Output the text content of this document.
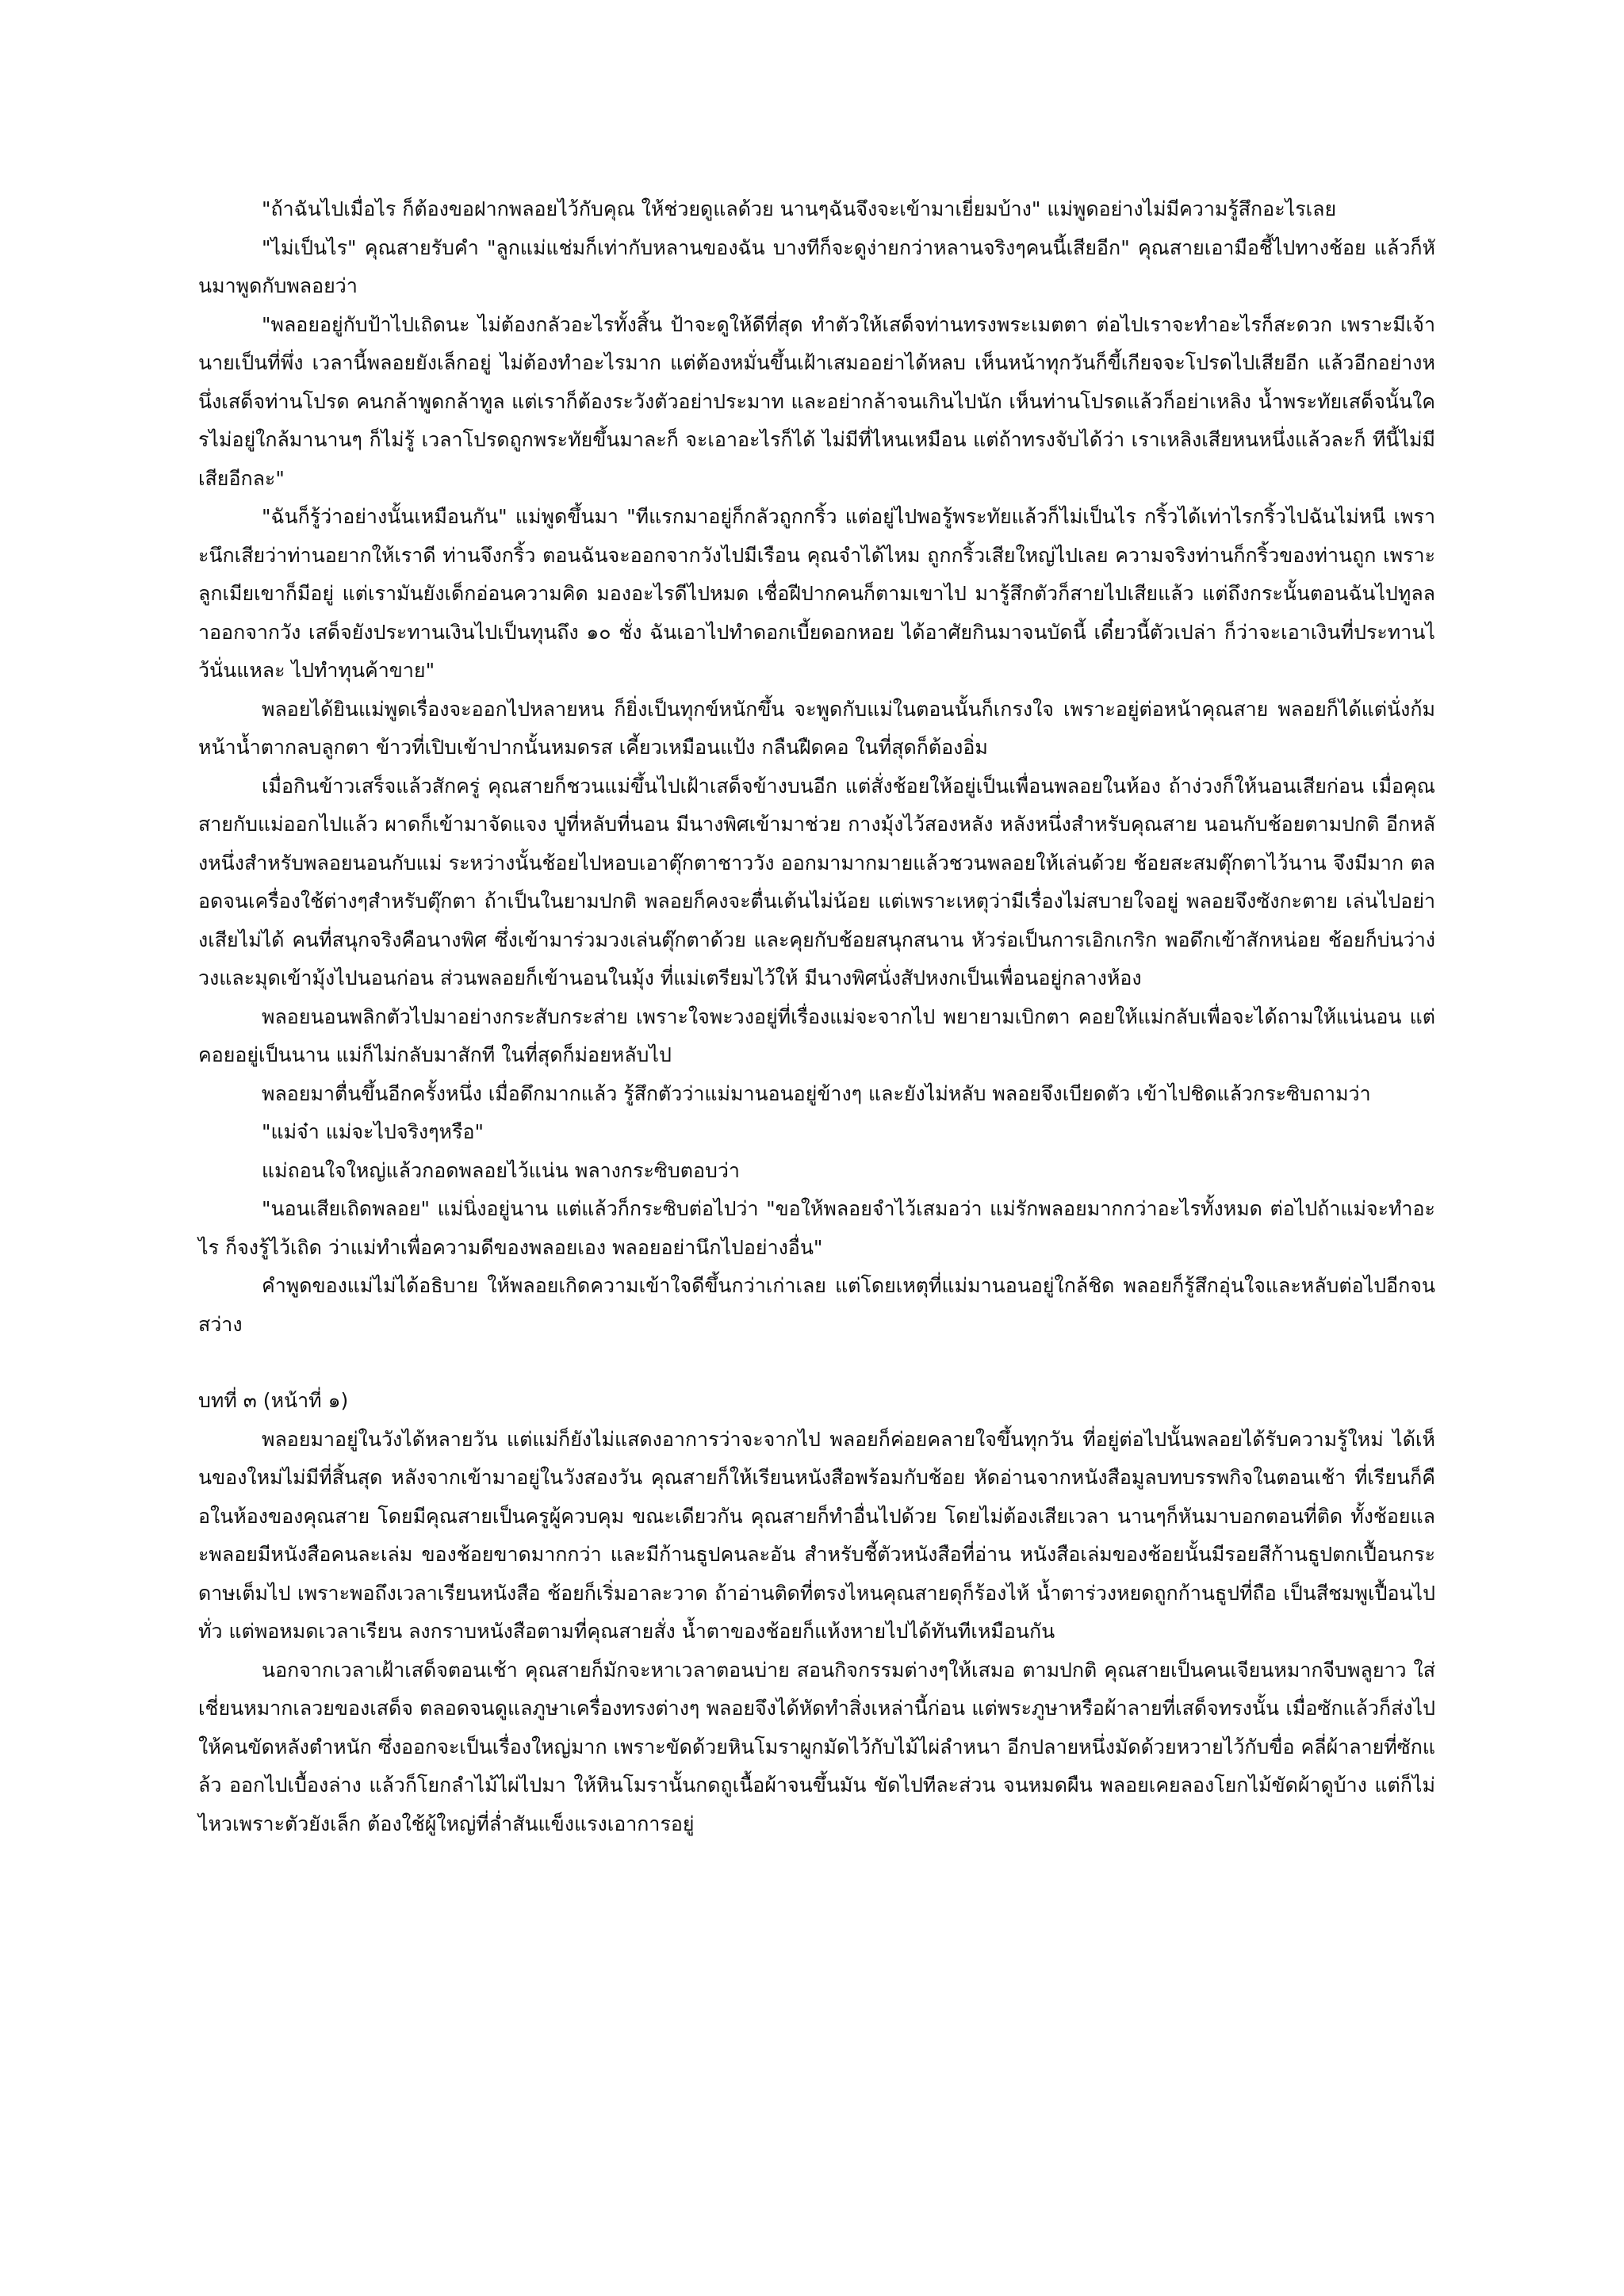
"ถ้าฉันไปเมื่อไร ก็ต้องขอฝากพลอยไว้กับคุณ ให้ช่วยดูแลด้วย นานๆฉันจึงจะเข้ามาเยี่ยมบ้าง" แม่พูดอย่างไม่มีความรู้สึกอะไรเลย

"ไม่เป็นไร" คุณสายรับคำ "ลูกแม่แช่มก็เท่ากับหลานของฉัน บางทีก็จะดูง่ายกว่าหลานจริงๆคนนี้เสียอีก" คุณสายเอามือชี้ไปทางช้อย แล้วก็หันมาพูดกับพลอยว่า

"พลอยอยู่กับป้าไปเถิดนะ ไม่ต้องกลัวอะไรทั้งสิ้น ป้าจะดูให้ดีที่สุด ทำตัวให้เสด็จท่านทรงพระเมตตา ต่อไปเราจะทำอะไรก็สะดวก เพราะมีเจ้านายเป็นที่พึ่ง เวลานี้พลอยยังเล็กอยู่ ไม่ต้องทำอะไรมาก แต่ต้องหมั่นขึ้นเฝ้าเสมออย่าได้หลบ เห็นหน้าทุกวันก็ขี้เกียจจะโปรดไปเสียอีก แล้วอีกอย่างหนึ่งเสด็จท่านโปรด คนกล้าพูดกล้าทูล แต่เราก็ต้องระวังตัวอย่าประมาท และอย่ากล้าจนเกินไปนัก เห็นท่านโปรดแล้วก็อย่าเหลิง น้ำพระทัยเสด็จนั้นใครไม่อยู่ใกล้มานานๆ ก็ไม่รู้ เวลาโปรดถูกพระทัยขึ้นมาละก็ จะเอาอะไรก็ได้ ไม่มีที่ไหนเหมือน แต่ถ้าทรงจับได้ว่า เราเหลิงเสียหนหนึ่งแล้วละก็ ทีนี้ไม่มีเสียอีกละ"

"ฉันก็รู้ว่าอย่างนั้นเหมือนกัน" แม่พูดขึ้นมา "ทีแรกมาอยู่ก็กลัวถูกกริ้ว แต่อยู่ไปพอรู้พระทัยแล้วก็ไม่เป็นไร กริ้วได้เท่าไรกริ้วไปฉันไม่หนี เพราะนึกเสียว่าท่านอยากให้เราดี ท่านจึงกริ้ว ตอนฉันจะออกจากวังไปมีเรือน คุณจำได้ไหม ถูกกริ้วเสียใหญ่ไปเลย ความจริงท่านก็กริ้วของท่านถูก เพราะลูกเมียเขาก็มีอยู่ แต่เรามันยังเด็กอ่อนความคิด มองอะไรดีไปหมด เชื่อฝีปากคนก็ตามเขาไป มารู้สึกตัวก็สายไปเสียแล้ว แต่ถึงกระนั้นตอนฉันไปทูลลาออกจากวัง เสด็จยังประทานเงินไปเป็นทุนถึง ๑๐ ชั่ง ฉันเอาไปทำดอกเบี้ยดอกหอย ได้อาศัยกินมาจนบัดนี้ เดี๋ยวนี้ตัวเปล่า ก็ว่าจะเอาเงินที่ประทานไว้นั่นแหละ ไปทำทุนค้าขาย"

พลอยได้ยินแม่พูดเรื่องจะออกไปหลายหน ก็ยิ่งเป็นทุกข์หนักขึ้น จะพูดกับแม่ในตอนนั้นก็เกรงใจ เพราะอยู่ต่อหน้าคุณสาย พลอยก็ได้แต่นั่งก้มหน้าน้ำตากลบลูกตา ข้าวที่เปิบเข้าปากนั้นหมดรส เคี้ยวเหมือนแป้ง กลืนฝืดคอ ในที่สุดก็ต้องอิ่ม

เมื่อกินข้าวเสร็จแล้วสักครู่ คุณสายก็ชวนแม่ขึ้นไปเฝ้าเสด็จข้างบนอีก แต่สั่งช้อยให้อยู่เป็นเพื่อนพลอยในห้อง ถ้าง่วงก็ให้นอนเสียก่อน เมื่อคุณสายกับแม่ออกไปแล้ว ผาดก็เข้ามาจัดแจง ปูที่หลับที่นอน มีนางพิศเข้ามาช่วย กางมุ้งไว้สองหลัง หลังหนึ่งสำหรับคุณสาย นอนกับช้อยตามปกติ อีกหลังหนึ่งสำหรับพลอยนอนกับแม่ ระหว่างนั้นช้อยไปหอบเอาตุ๊กตาชาววัง ออกมามากมายแล้วชวนพลอยให้เล่นด้วย ช้อยสะสมตุ๊กตาไว้นาน จึงมีมาก ตลอดจนเครื่องใช้ต่างๆสำหรับตุ๊กตา ถ้าเป็นในยามปกติ พลอยก็คงจะตื่นเต้นไม่น้อย แต่เพราะเหตุว่ามีเรื่องไม่สบายใจอยู่ พลอยจึงซังกะตาย เล่นไปอย่างเสียไม่ได้ คนที่สนุกจริงคือนางพิศ ซึ่งเข้ามาร่วมวงเล่นตุ๊กตาด้วย และคุยกับช้อยสนุกสนาน หัวร่อเป็นการเอิกเกริก พอดึกเข้าสักหน่อย ช้อยก็บ่นว่าง่วงและมุดเข้ามุ้งไปนอนก่อน ส่วนพลอยก็เข้านอนในมุ้ง ที่แม่เตรียมไว้ให้ มีนางพิศนั่งสัปหงกเป็นเพื่อนอยู่กลางห้อง

พลอยนอนพลิกตัวไปมาอย่างกระสับกระส่าย เพราะใจพะวงอยู่ที่เรื่องแม่จะจากไป พยายามเบิกตา คอยให้แม่กลับเพื่อจะได้ถามให้แน่นอน แต่คอยอยู่เป็นนาน แม่ก็ไม่กลับมาสักที ในที่สุดก็ม่อยหลับไป

พลอยมาตื่นขึ้นอีกครั้งหนึ่ง เมื่อดึกมากแล้ว รู้สึกตัวว่าแม่มานอนอยู่ข้างๆ และยังไม่หลับ พลอยจึงเบียดตัว เข้าไปชิดแล้วกระซิบถามว่า

"แม่จ๋า แม่จะไปจริงๆหรือ"

แม่ถอนใจใหญ่แล้วกอดพลอยไว้แน่น พลางกระซิบตอบว่า

"นอนเสียเถิดพลอย" แม่นิ่งอยู่นาน แต่แล้วก็กระซิบต่อไปว่า "ขอให้พลอยจำไว้เสมอว่า แม่รักพลอยมากกว่าอะไรทั้งหมด ต่อไปถ้าแม่จะทำอะไร ก็จงรู้ไว้เถิด ว่าแม่ทำเพื่อความดีของพลอยเอง พลอยอย่านึกไปอย่างอื่น"

คำพูดของแม่ไม่ได้อธิบาย ให้พลอยเกิดความเข้าใจดีขึ้นกว่าเก่าเลย แต่โดยเหตุที่แม่มานอนอยู่ใกล้ชิด พลอยก็รู้สึกอุ่นใจและหลับต่อไปอีกจนสว่าง

บทที่ ๓ (หน้าที่ ๑)

พลอยมาอยู่ในวังได้หลายวัน แต่แม่ก็ยังไม่แสดงอาการว่าจะจากไป พลอยก็ค่อยคลายใจขึ้นทุกวัน ที่อยู่ต่อไปนั้นพลอยได้รับความรู้ใหม่ ได้เห็นของใหม่ไม่มีที่สิ้นสุด หลังจากเข้ามาอยู่ในวังสองวัน คุณสายก็ให้เรียนหนังสือพร้อมกับช้อย หัดอ่านจากหนังสือมูลบทบรรพกิจในตอนเช้า ที่เรียนก็คือในห้องของคุณสาย โดยมีคุณสายเป็นครูผู้ควบคุม ขณะเดียวกัน คุณสายก็ทำอื่นไปด้วย โดยไม่ต้องเสียเวลา นานๆก็หันมาบอกตอนที่ติด ทั้งช้อยและพลอยมีหนังสือคนละเล่ม ของช้อยขาดมากกว่า และมีก้านธูปคนละอัน สำหรับชี้ตัวหนังสือที่อ่าน หนังสือเล่มของช้อยนั้นมีรอยสีก้านธูปตกเปื้อนกระดาษเต็มไป เพราะพอถึงเวลาเรียนหนังสือ ช้อยก็เริ่มอาละวาด ถ้าอ่านติดที่ตรงไหนคุณสายดุก็ร้องไห้ น้ำตาร่วงหยดถูกก้านธูปที่ถือ เป็นสีชมพูเปื้อนไปทั่ว แต่พอหมดเวลาเรียน ลงกราบหนังสือตามที่คุณสายสั่ง น้ำตาของช้อยก็แห้งหายไปได้ทันทีเหมือนกัน

นอกจากเวลาเฝ้าเสด็จตอนเช้า คุณสายก็มักจะหาเวลาตอนบ่าย สอนกิจกรรมต่างๆให้เสมอ ตามปกติ คุณสายเป็นคนเจียนหมากจีบพลูยาว ใส่เชี่ยนหมากเลวยของเสด็จ ตลอดจนดูแลภูษาเครื่องทรงต่างๆ พลอยจึงได้หัดทำสิ่งเหล่านี้ก่อน แต่พระภูษาหรือผ้าลายที่เสด็จทรงนั้น เมื่อซักแล้วก็ส่งไปให้คนขัดหลังตำหนัก ซึ่งออกจะเป็นเรื่องใหญ่มาก เพราะขัดด้วยหินโมราผูกมัดไว้กับไม้ไผ่ลำหนา อีกปลายหนึ่งมัดด้วยหวายไว้กับขื่อ คลี่ผ้าลายที่ซักแล้ว ออกไปเบื้องล่าง แล้วก็โยกลำไม้ไผ่ไปมา ให้หินโมรานั้นกดถูเนื้อผ้าจนขึ้นมัน ขัดไปทีละส่วน จนหมดผืน พลอยเคยลองโยกไม้ขัดผ้าดูบ้าง แต่ก็ไม่ไหวเพราะตัวยังเล็ก ต้องใช้ผู้ใหญ่ที่ล่ำสันแข็งแรงเอาการอยู่
